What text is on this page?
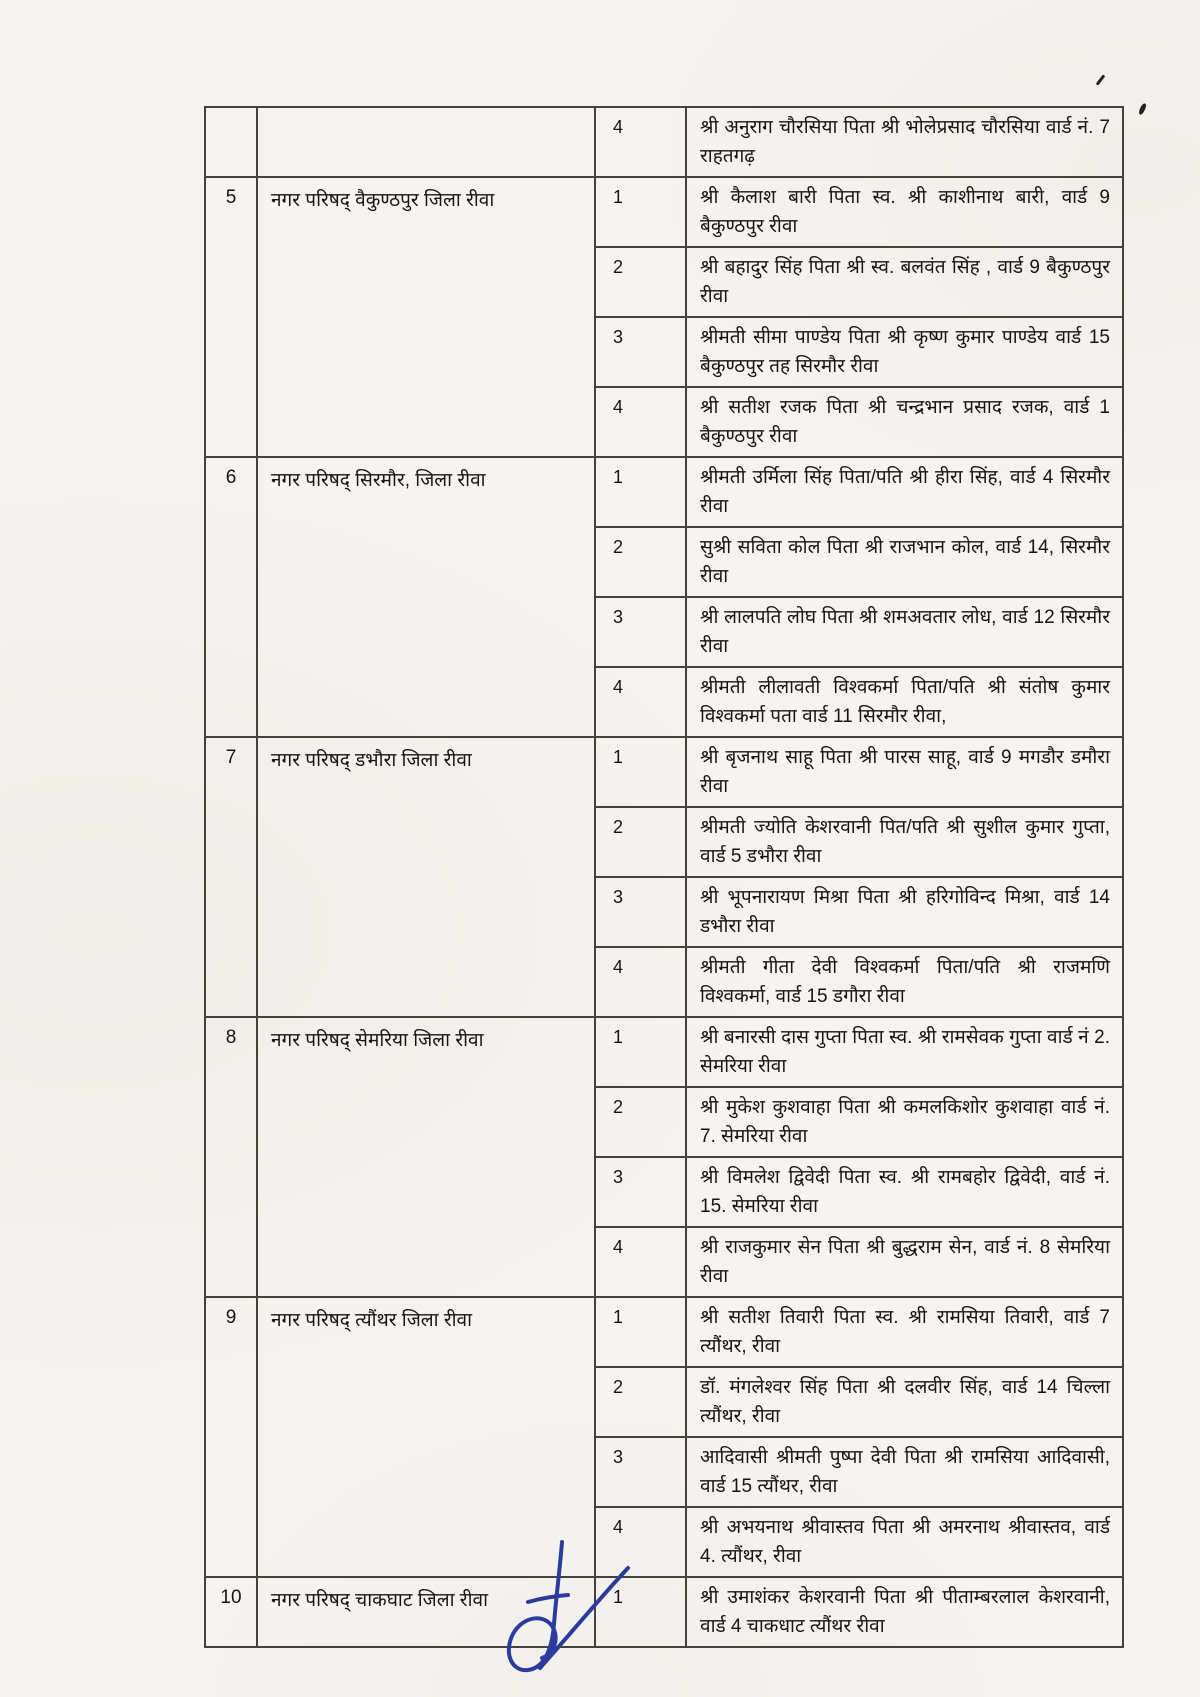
		4	श्री अनुराग चौरसिया पिता श्री भोलेप्रसाद चौरसिया वार्ड नं. 7 राहतगढ़
5	नगर परिषद् वैकुण्ठपुर जिला रीवा	1	श्री कैलाश बारी पिता स्व. श्री काशीनाथ बारी, वार्ड 9 बैकुण्ठपुर रीवा
		2	श्री बहादुर सिंह पिता श्री स्व. बलवंत सिंह , वार्ड 9 बैकुण्ठपुर रीवा
		3	श्रीमती सीमा पाण्डेय पिता श्री कृष्ण कुमार पाण्डेय वार्ड 15 बैकुण्ठपुर तह सिरमौर रीवा
		4	श्री सतीश रजक पिता श्री चन्द्रभान प्रसाद रजक, वार्ड 1 बैकुण्ठपुर रीवा
6	नगर परिषद् सिरमौर, जिला रीवा	1	श्रीमती उर्मिला सिंह पिता/पति श्री हीरा सिंह, वार्ड 4 सिरमौर रीवा
		2	सुश्री सविता कोल पिता श्री राजभान कोल, वार्ड 14, सिरमौर रीवा
		3	श्री लालपति लोघ पिता श्री शमअवतार लोध, वार्ड 12 सिरमौर रीवा
		4	श्रीमती लीलावती विश्वकर्मा पिता/पति श्री संतोष कुमार विश्वकर्मा पता वार्ड 11 सिरमौर रीवा,
7	नगर परिषद् डभौरा जिला रीवा	1	श्री बृजनाथ साहू पिता श्री पारस साहू, वार्ड 9 मगडौर डमौरा रीवा
		2	श्रीमती ज्योति केशरवानी पित/पति श्री सुशील कुमार गुप्ता, वार्ड 5 डभौरा रीवा
		3	श्री भूपनारायण मिश्रा पिता श्री हरिगोविन्द मिश्रा, वार्ड 14 डभौरा रीवा
		4	श्रीमती गीता देवी विश्वकर्मा पिता/पति श्री राजमणि विश्वकर्मा, वार्ड 15 डगौरा रीवा
8	नगर परिषद् सेमरिया जिला रीवा	1	श्री बनारसी दास गुप्ता पिता स्व. श्री रामसेवक गुप्ता वार्ड नं 2. सेमरिया रीवा
		2	श्री मुकेश कुशवाहा पिता श्री कमलकिशोर कुशवाहा वार्ड नं. 7. सेमरिया रीवा
		3	श्री विमलेश द्विवेदी पिता स्व. श्री रामबहोर द्विवेदी, वार्ड नं. 15. सेमरिया रीवा
		4	श्री राजकुमार सेन पिता श्री बुद्धराम सेन, वार्ड नं. 8 सेमरिया रीवा
9	नगर परिषद् त्यौंथर जिला रीवा	1	श्री सतीश तिवारी पिता स्व. श्री रामसिया तिवारी, वार्ड 7 त्यौंथर, रीवा
		2	डॉ. मंगलेश्वर सिंह पिता श्री दलवीर सिंह, वार्ड 14 चिल्ला त्यौंथर, रीवा
		3	आदिवासी श्रीमती पुष्पा देवी पिता श्री रामसिया आदिवासी, वार्ड 15 त्यौंथर, रीवा
		4	श्री अभयनाथ श्रीवास्तव पिता श्री अमरनाथ श्रीवास्तव, वार्ड 4. त्यौंथर, रीवा
10	नगर परिषद् चाकघाट जिला रीवा	1	श्री उमाशंकर केशरवानी पिता श्री पीताम्बरलाल केशरवानी, वार्ड 4 चाकधाट त्यौंथर रीवा
